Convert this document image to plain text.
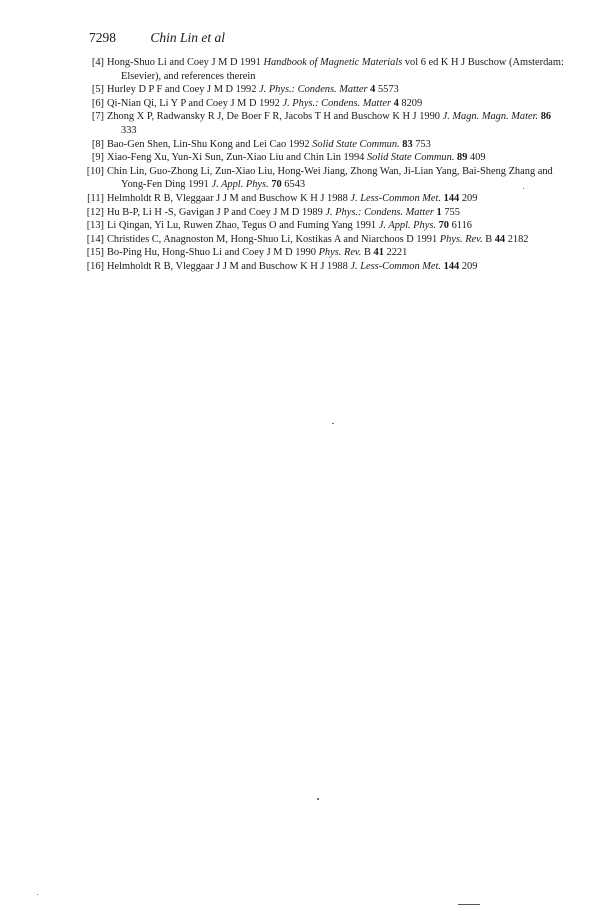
7298	Chin Lin et al
[4] Hong-Shuo Li and Coey J M D 1991 Handbook of Magnetic Materials vol 6 ed K H J Buschow (Amsterdam:
Elsevier), and references therein
[5] Hurley D P F and Coey J M D 1992 J. Phys.: Condens. Matter 4 5573
[6] Qi-Nian Qi, Li Y P and Coey J M D 1992 J. Phys.: Condens. Matter 4 8209
[7] Zhong X P, Radwansky R J, De Boer F R, Jacobs T H and Buschow K H J 1990 J. Magn. Magn. Mater. 86
333
[8] Bao-Gen Shen, Lin-Shu Kong and Lei Cao 1992 Solid State Commun. 83 753
[9] Xiao-Feng Xu, Yun-Xi Sun, Zun-Xiao Liu and Chin Lin 1994 Solid State Commun. 89 409
[10] Chin Lin, Guo-Zhong Li, Zun-Xiao Liu, Hong-Wei Jiang, Zhong Wan, Ji-Lian Yang, Bai-Sheng Zhang and
Yong-Fen Ding 1991 J. Appl. Phys. 70 6543
[11] Helmholdt R B, Vleggaar J J M and Buschow K H J 1988 J. Less-Common Met. 144 209
[12] Hu B-P, Li H -S, Gavigan J P and Coey J M D 1989 J. Phys.: Condens. Matter 1 755
[13] Li Qingan, Yi Lu, Ruwen Zhao, Tegus O and Fuming Yang 1991 J. Appl. Phys. 70 6116
[14] Christides C, Anagnoston M, Hong-Shuo Li, Kostikas A and Niarchoos D 1991 Phys. Rev. B 44 2182
[15] Bo-Ping Hu, Hong-Shuo Li and Coey J M D 1990 Phys. Rev. B 41 2221
[16] Helmholdt R B, Vleggaar J J M and Buschow K H J 1988 J. Less-Common Met. 144 209
